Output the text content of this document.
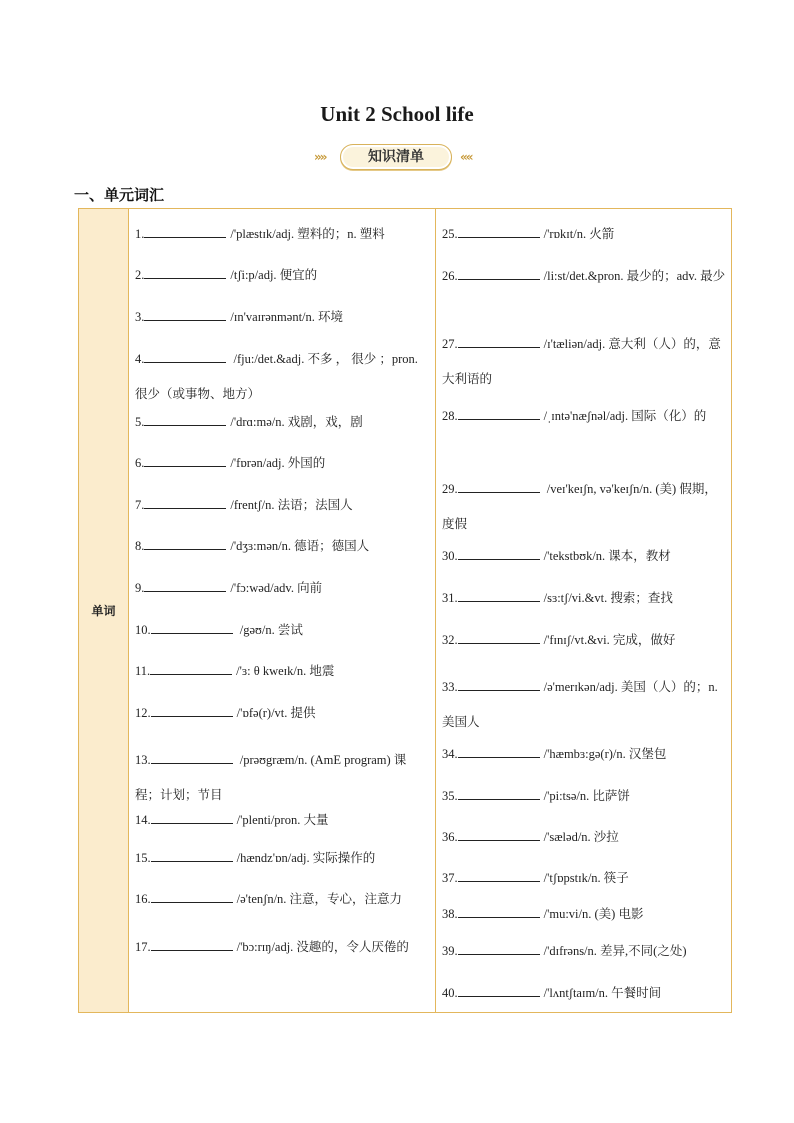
Unit 2 School life
»»	知识清单	««
一、单元词汇
单词
1.	/'plæstɪk/adj. 塑料的；n. 塑料
2.	/tʃi:p/adj. 便宜的
3.	/ɪn'vaɪrənmənt/n. 环境
4.	/fju:/det.&adj. 不多 ， 很少 ；pron. 很少（或事物、地方）
5.	/'drɑ:mə/n. 戏剧，戏，剧
6.	/'fɒrən/adj. 外国的
7.	/frentʃ/n. 法语；法国人
8.	/'dʒɜ:mən/n. 德语；德国人
9.	/'fɔ:wəd/adv. 向前
10.	/gəʊ/n. 尝试
11.	/'ɜ: θ kweɪk/n. 地震
12.	/'ɒfə(r)/vt. 提供
13.	/prəʊgræm/n. (AmE program) 课程；计划；节目
14.	/'plenti/pron. 大量
15.	/hændz'ɒn/adj. 实际操作的
16.	/ə'tenʃn/n. 注意，专心，注意力
17.	/'bɔ:rɪŋ/adj. 没趣的，令人厌倦的
25.	/'rɒkɪt/n. 火箭
26.	/li:st/det.&pron. 最少的；adv. 最少
27.	/ɪ'tæliən/adj. 意大利（人）的，意大利语的
28.	/ˌɪntə'næʃnəl/adj. 国际（化）的
29.	/veɪ'keɪʃn, və'keɪʃn/n. (美) 假期，度假
30.	/'tekstbʊk/n. 课本，教材
31.	/sɜ:tʃ/vi.&vt. 搜索；查找
32.	/'fɪnɪʃ/vt.&vi. 完成，做好
33.	/ə'merɪkən/adj. 美国（人）的；n. 美国人
34.	/'hæmbɜ:gə(r)/n. 汉堡包
35.	/'pi:tsə/n. 比萨饼
36.	/'sæləd/n. 沙拉
37.	/'tʃɒpstɪk/n. 筷子
38.	/'mu:vi/n. (美) 电影
39.	/'dɪfrəns/n. 差异,不同(之处)
40.	/'lʌntʃtaɪm/n. 午餐时间
